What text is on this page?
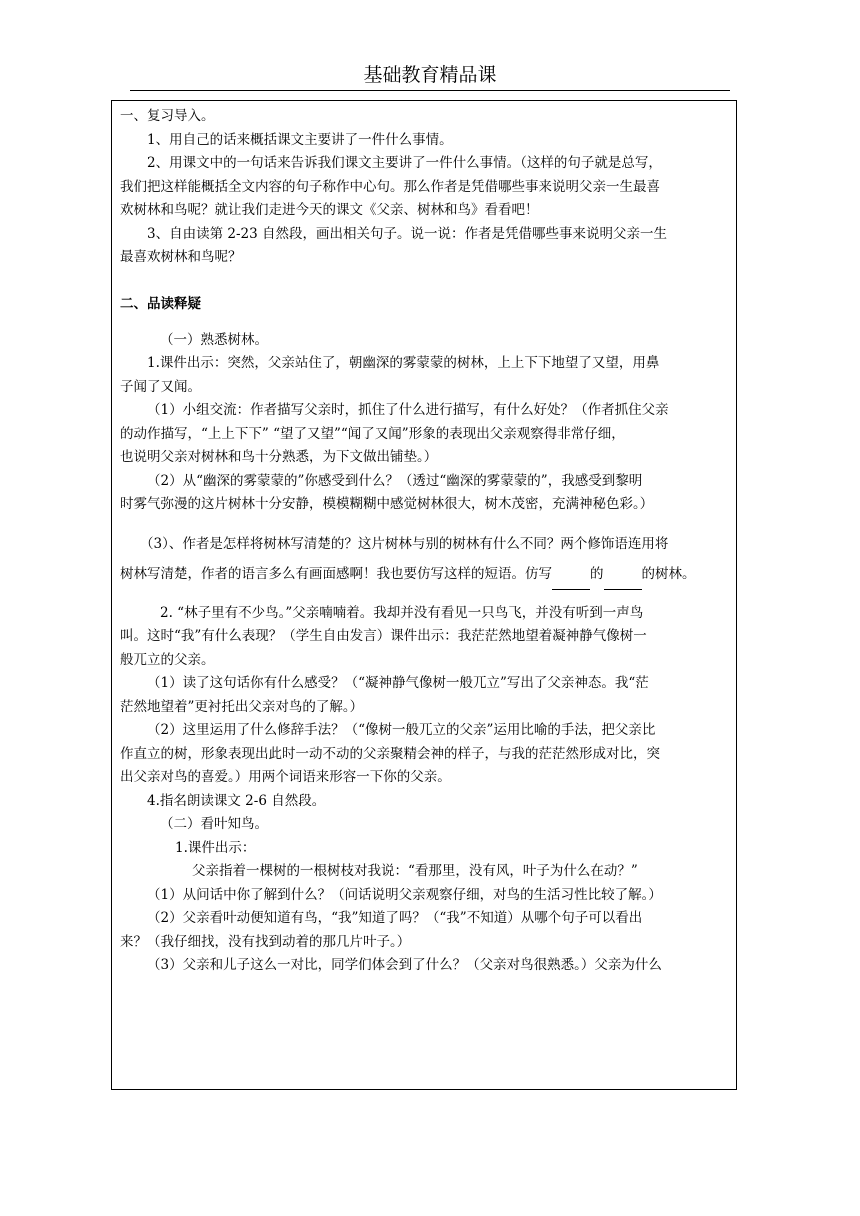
基础教育精品课
一、复习导入。
1、用自己的话来概括课文主要讲了一件什么事情。
2、用课文中的一句话来告诉我们课文主要讲了一件什么事情。（这样的句子就是总写，
我们把这样能概括全文内容的句子称作中心句。那么作者是凭借哪些事来说明父亲一生最喜
欢树林和鸟呢？就让我们走进今天的课文《父亲、树林和鸟》看看吧！
3、自由读第 2-23 自然段，画出相关句子。说一说：作者是凭借哪些事来说明父亲一生
最喜欢树林和鸟呢？
二、品读释疑
（一）熟悉树林。
1.课件出示：突然，父亲站住了，朝幽深的雾蒙蒙的树林，上上下下地望了又望，用鼻
子闻了又闻。
（1）小组交流：作者描写父亲时，抓住了什么进行描写，有什么好处？（作者抓住父亲
的动作描写，“上上下下” “望了又望”“闻了又闻”形象的表现出父亲观察得非常仔细，
也说明父亲对树林和鸟十分熟悉，为下文做出铺垫。）
（2）从“幽深的雾蒙蒙的”你感受到什么？（透过“幽深的雾蒙蒙的”，我感受到黎明
时雾气弥漫的这片树林十分安静，模模糊糊中感觉树林很大，树木茂密，充满神秘色彩。）
（3）、作者是怎样将树林写清楚的？这片树林与别的树林有什么不同？两个修饰语连用将
树林写清楚，作者的语言多么有画面感啊！我也要仿写这样的短语。仿写	的	的树林。
2. “林子里有不少鸟。”父亲喃喃着。我却并没有看见一只鸟飞，并没有听到一声鸟
叫。这时“我”有什么表现？（学生自由发言）课件出示：我茫茫然地望着凝神静气像树一
般兀立的父亲。
（1）读了这句话你有什么感受？（“凝神静气像树一般兀立”写出了父亲神态。我“茫
茫然地望着”更衬托出父亲对鸟的了解。）
（2）这里运用了什么修辞手法？（“像树一般兀立的父亲”运用比喻的手法，把父亲比
作直立的树，形象表现出此时一动不动的父亲聚精会神的样子，与我的茫茫然形成对比，突
出父亲对鸟的喜爱。）用两个词语来形容一下你的父亲。
4.指名朗读课文 2-6 自然段。
（二）看叶知鸟。
1.课件出示：
父亲指着一棵树的一根树枝对我说：“看那里，没有风，叶子为什么在动？”
（1）从问话中你了解到什么？（问话说明父亲观察仔细，对鸟的生活习性比较了解。）
（2）父亲看叶动便知道有鸟，“我”知道了吗？（“我”不知道）从哪个句子可以看出
来？（我仔细找，没有找到动着的那几片叶子。）
（3）父亲和儿子这么一对比，同学们体会到了什么？（父亲对鸟很熟悉。）父亲为什么
